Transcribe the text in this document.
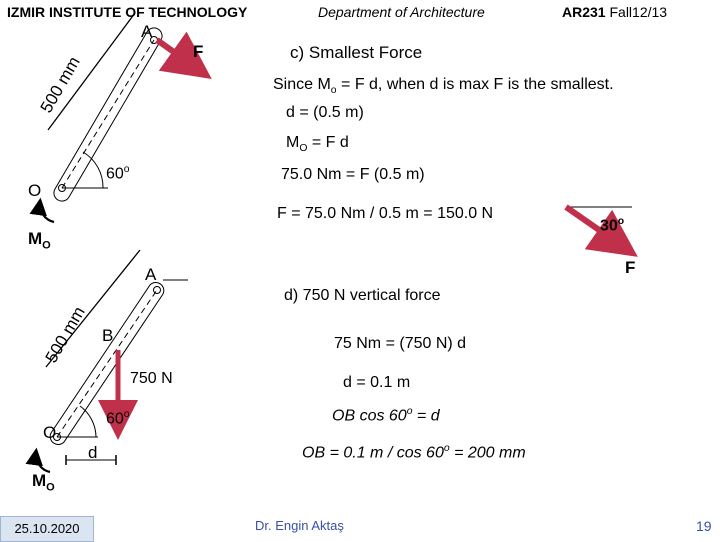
IZMIR INSTITUTE OF TECHNOLOGY	Department of Architecture	AR231 Fall12/13
A
F
O
60$^o$
$M_O$
500 mm
c) Smallest Force
Since $M_o = F$ d, when d is max F is the smallest.
d = (0.5 m)
$M_O = F$ d
75.0 Nm = F (0.5 m)
F = 75.0 Nm / 0.5 m = 150.0 N
30$^o$
F
A
B
O
750 N
60$^o$
d
$M_O$
500 mm
d) 750 N vertical force
75 Nm = (750 N) d
d = 0.1 m
OB $\cos 60^o = d$
OB = 0.1 $m / \cos 60^o = 200$ mm
25.10.2020	Dr. Engin Aktaş	19
